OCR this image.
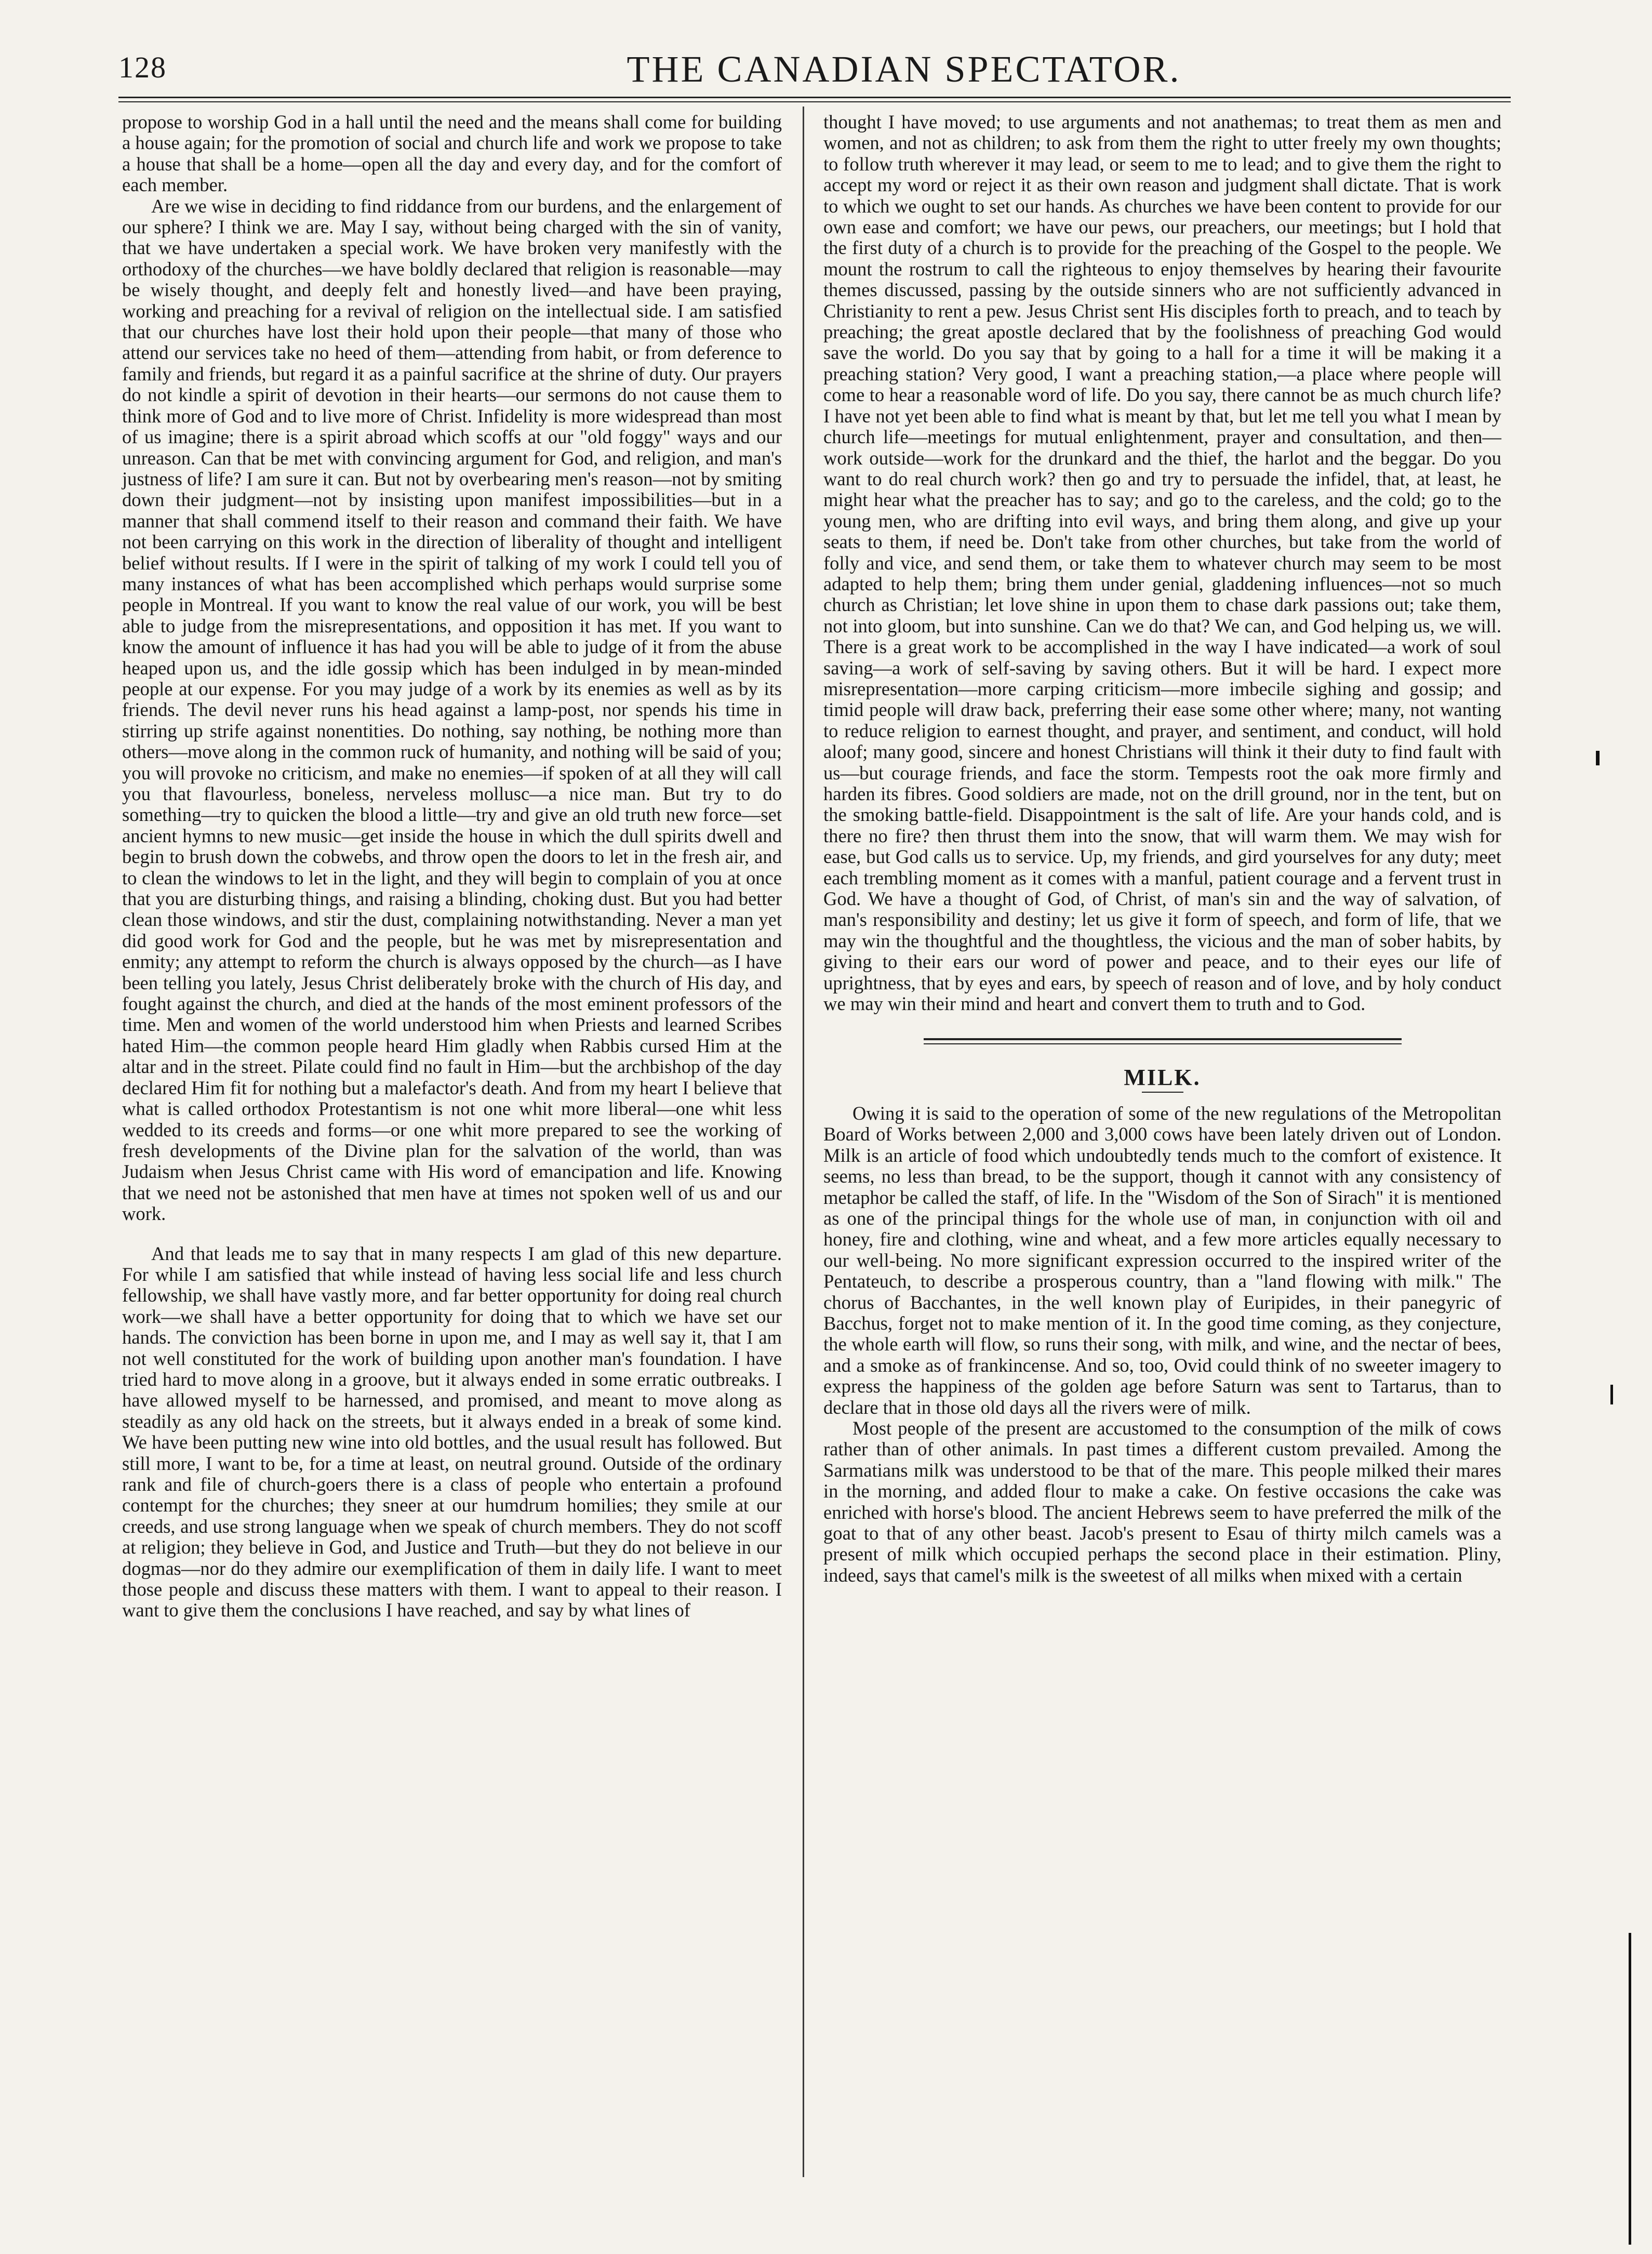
128	THE CANADIAN SPECTATOR.

propose to worship God in a hall until the need and the means shall come for building a house again; for the promotion of social and church life and work we propose to take a house that shall be a home—open all the day and every day, and for the comfort of each member.

Are we wise in deciding to find riddance from our burdens, and the enlargement of our sphere? I think we are. May I say, without being charged with the sin of vanity, that we have undertaken a special work. We have broken very manifestly with the orthodoxy of the churches—we have boldly declared that religion is reasonable—may be wisely thought, and deeply felt and honestly lived—and have been praying, working and preaching for a revival of religion on the intellectual side. I am satisfied that our churches have lost their hold upon their people—that many of those who attend our services take no heed of them—attending from habit, or from deference to family and friends, but regard it as a painful sacrifice at the shrine of duty. Our prayers do not kindle a spirit of devotion in their hearts—our sermons do not cause them to think more of God and to live more of Christ. Infidelity is more widespread than most of us imagine; there is a spirit abroad which scoffs at our "old foggy" ways and our unreason. Can that be met with convincing argument for God, and religion, and man's justness of life? I am sure it can. But not by overbearing men's reason—not by smiting down their judgment—not by insisting upon manifest impossibilities—but in a manner that shall commend itself to their reason and command their faith. We have not been carrying on this work in the direction of liberality of thought and intelligent belief without results. If I were in the spirit of talking of my work I could tell you of many instances of what has been accomplished which perhaps would surprise some people in Montreal. If you want to know the real value of our work, you will be best able to judge from the misrepresentations, and opposition it has met. If you want to know the amount of influence it has had you will be able to judge of it from the abuse heaped upon us, and the idle gossip which has been indulged in by mean-minded people at our expense. For you may judge of a work by its enemies as well as by its friends. The devil never runs his head against a lamp-post, nor spends his time in stirring up strife against nonentities. Do nothing, say nothing, be nothing more than others—move along in the common ruck of humanity, and nothing will be said of you; you will provoke no criticism, and make no enemies—if spoken of at all they will call you that flavourless, boneless, nerveless mollusc—a nice man. But try to do something—try to quicken the blood a little—try and give an old truth new force—set ancient hymns to new music—get inside the house in which the dull spirits dwell and begin to brush down the cobwebs, and throw open the doors to let in the fresh air, and to clean the windows to let in the light, and they will begin to complain of you at once that you are disturbing things, and raising a blinding, choking dust. But you had better clean those windows, and stir the dust, complaining notwithstanding. Never a man yet did good work for God and the people, but he was met by misrepresentation and enmity; any attempt to reform the church is always opposed by the church—as I have been telling you lately, Jesus Christ deliberately broke with the church of His day, and fought against the church, and died at the hands of the most eminent professors of the time. Men and women of the world understood him when Priests and learned Scribes hated Him—the common people heard Him gladly when Rabbis cursed Him at the altar and in the street. Pilate could find no fault in Him—but the archbishop of the day declared Him fit for nothing but a malefactor's death. And from my heart I believe that what is called orthodox Protestantism is not one whit more liberal—one whit less wedded to its creeds and forms—or one whit more prepared to see the working of fresh developments of the Divine plan for the salvation of the world, than was Judaism when Jesus Christ came with His word of emancipation and life. Knowing that we need not be astonished that men have at times not spoken well of us and our work.

And that leads me to say that in many respects I am glad of this new departure. For while I am satisfied that while instead of having less social life and less church fellowship, we shall have vastly more, and far better opportunity for doing real church work—we shall have a better opportunity for doing that to which we have set our hands. The conviction has been borne in upon me, and I may as well say it, that I am not well constituted for the work of building upon another man's foundation. I have tried hard to move along in a groove, but it always ended in some erratic outbreaks. I have allowed myself to be harnessed, and promised, and meant to move along as steadily as any old hack on the streets, but it always ended in a break of some kind. We have been putting new wine into old bottles, and the usual result has followed. But still more, I want to be, for a time at least, on neutral ground. Outside of the ordinary rank and file of church-goers there is a class of people who entertain a profound contempt for the churches; they sneer at our humdrum homilies; they smile at our creeds, and use strong language when we speak of church members. They do not scoff at religion; they believe in God, and Justice and Truth—but they do not believe in our dogmas—nor do they admire our exemplification of them in daily life. I want to meet those people and discuss these matters with them. I want to appeal to their reason. I want to give them the conclusions I have reached, and say by what lines of

thought I have moved; to use arguments and not anathemas; to treat them as men and women, and not as children; to ask from them the right to utter freely my own thoughts; to follow truth wherever it may lead, or seem to me to lead; and to give them the right to accept my word or reject it as their own reason and judgment shall dictate. That is work to which we ought to set our hands. As churches we have been content to provide for our own ease and comfort; we have our pews, our preachers, our meetings; but I hold that the first duty of a church is to provide for the preaching of the Gospel to the people. We mount the rostrum to call the righteous to enjoy themselves by hearing their favourite themes discussed, passing by the outside sinners who are not sufficiently advanced in Christianity to rent a pew. Jesus Christ sent His disciples forth to preach, and to teach by preaching; the great apostle declared that by the foolishness of preaching God would save the world. Do you say that by going to a hall for a time it will be making it a preaching station? Very good, I want a preaching station,—a place where people will come to hear a reasonable word of life. Do you say, there cannot be as much church life? I have not yet been able to find what is meant by that, but let me tell you what I mean by church life—meetings for mutual enlightenment, prayer and consultation, and then—work outside—work for the drunkard and the thief, the harlot and the beggar. Do you want to do real church work? then go and try to persuade the infidel, that, at least, he might hear what the preacher has to say; and go to the careless, and the cold; go to the young men, who are drifting into evil ways, and bring them along, and give up your seats to them, if need be. Don't take from other churches, but take from the world of folly and vice, and send them, or take them to whatever church may seem to be most adapted to help them; bring them under genial, gladdening influences—not so much church as Christian; let love shine in upon them to chase dark passions out; take them, not into gloom, but into sunshine. Can we do that? We can, and God helping us, we will. There is a great work to be accomplished in the way I have indicated—a work of soul saving—a work of self-saving by saving others. But it will be hard. I expect more misrepresentation—more carping criticism—more imbecile sighing and gossip; and timid people will draw back, preferring their ease some other where; many, not wanting to reduce religion to earnest thought, and prayer, and sentiment, and conduct, will hold aloof; many good, sincere and honest Christians will think it their duty to find fault with us—but courage friends, and face the storm. Tempests root the oak more firmly and harden its fibres. Good soldiers are made, not on the drill ground, nor in the tent, but on the smoking battle-field. Disappointment is the salt of life. Are your hands cold, and is there no fire? then thrust them into the snow, that will warm them. We may wish for ease, but God calls us to service. Up, my friends, and gird yourselves for any duty; meet each trembling moment as it comes with a manful, patient courage and a fervent trust in God. We have a thought of God, of Christ, of man's sin and the way of salvation, of man's responsibility and destiny; let us give it form of speech, and form of life, that we may win the thoughtful and the thoughtless, the vicious and the man of sober habits, by giving to their ears our word of power and peace, and to their eyes our life of uprightness, that by eyes and ears, by speech of reason and of love, and by holy conduct we may win their mind and heart and convert them to truth and to God.

MILK.

Owing it is said to the operation of some of the new regulations of the Metropolitan Board of Works between 2,000 and 3,000 cows have been lately driven out of London. Milk is an article of food which undoubtedly tends much to the comfort of existence. It seems, no less than bread, to be the support, though it cannot with any consistency of metaphor be called the staff, of life. In the "Wisdom of the Son of Sirach" it is mentioned as one of the principal things for the whole use of man, in conjunction with oil and honey, fire and clothing, wine and wheat, and a few more articles equally necessary to our well-being. No more significant expression occurred to the inspired writer of the Pentateuch, to describe a prosperous country, than a "land flowing with milk." The chorus of Bacchantes, in the well known play of Euripides, in their panegyric of Bacchus, forget not to make mention of it. In the good time coming, as they conjecture, the whole earth will flow, so runs their song, with milk, and wine, and the nectar of bees, and a smoke as of frankincense. And so, too, Ovid could think of no sweeter imagery to express the happiness of the golden age before Saturn was sent to Tartarus, than to declare that in those old days all the rivers were of milk.

Most people of the present are accustomed to the consumption of the milk of cows rather than of other animals. In past times a different custom prevailed. Among the Sarmatians milk was understood to be that of the mare. This people milked their mares in the morning, and added flour to make a cake. On festive occasions the cake was enriched with horse's blood. The ancient Hebrews seem to have preferred the milk of the goat to that of any other beast. Jacob's present to Esau of thirty milch camels was a present of milk which occupied perhaps the second place in their estimation. Pliny, indeed, says that camel's milk is the sweetest of all milks when mixed with a certain
